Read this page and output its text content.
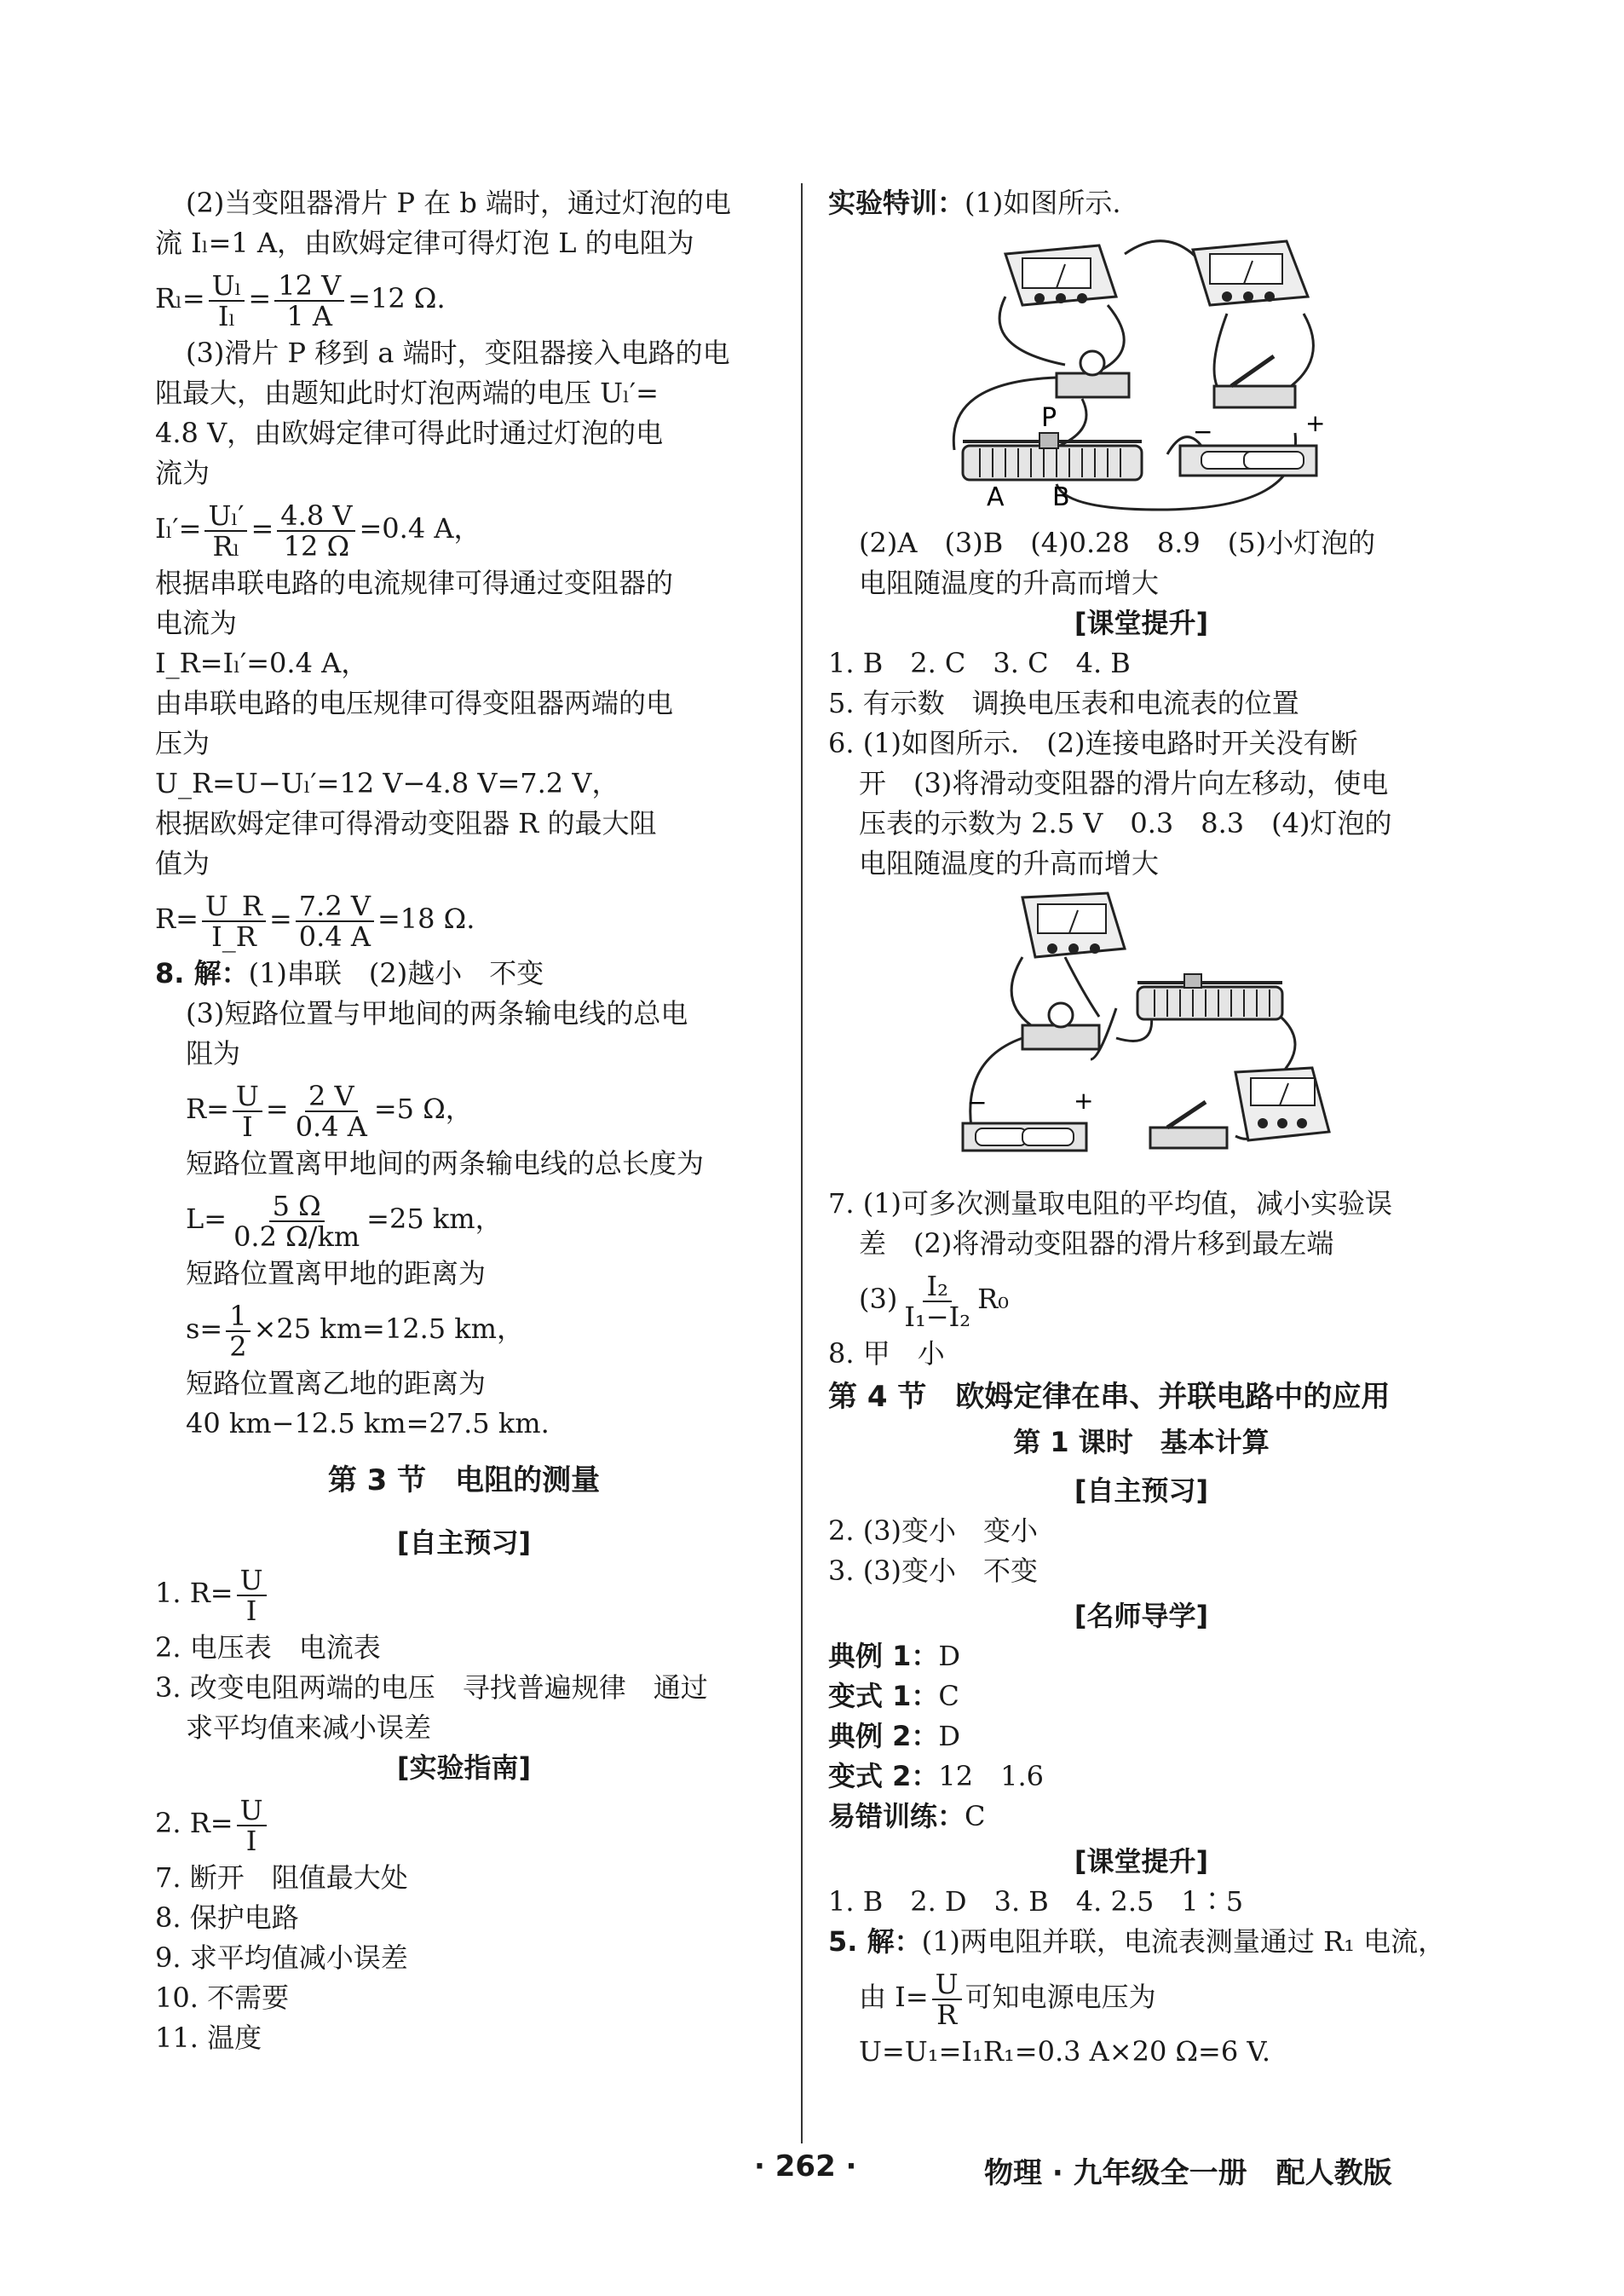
(2)当变阻器滑片 P 在 b 端时，通过灯泡的电
流 Iₗ=1 A，由欧姆定律可得灯泡 L 的电阻为
$R_l= \frac{\text{Uₗ}}{\text{Iₗ}} = \frac{12 V}{1 A} =12$ Ω.
(3)滑片 P 移到 a 端时，变阻器接入电路的电
阻最大，由题知此时灯泡两端的电压 Uₗ′=
4.8 V，由欧姆定律可得此时通过灯泡的电
流为
$I_l'= \frac{\text{Uₗ′}}{\text{Rₗ}} = \frac{4.8 V}{12 \Omega} =0.4$ A，
根据串联电路的电流规律可得通过变阻器的
电流为
I_R=Iₗ′=0.4 A，
由串联电路的电压规律可得变阻器两端的电
压为
U_R=U−Uₗ′=12 V−4.8 V=7.2 V，
根据欧姆定律可得滑动变阻器 R 的最大阻
值为
$R= \frac{U\_R}{I\_R} = \frac{7.2 V}{0.4 A} =18$ Ω.
8. 解：(1)串联　(2)越小　不变
(3)短路位置与甲地间的两条输电线的总电
阻为
$R= \frac{U}{I} = \frac{2 V}{0.4 A} =5$ Ω，
短路位置离甲地间的两条输电线的总长度为
$L= \frac{5 \Omega}{0.2 \Omega/km} =25$ km，
短路位置离甲地的距离为
$s= \frac{1}{2} \times 25$ km=12.5 km，
短路位置离乙地的距离为
40 km−12.5 km=27.5 km.
第 3 节　电阻的测量
[自主预习]
1. $R= \frac{U}{I}$
2. 电压表　电流表
3. 改变电阻两端的电压　寻找普遍规律　通过
求平均值来减小误差
[实验指南]
2. $R= \frac{U}{I}$
7. 断开　阻值最大处
8. 保护电路
9. 求平均值减小误差
10. 不需要
11. 温度
实验特训：(1)如图所示.
P
A B
−	+
(2)A　(3)B　(4)0.28　8.9　(5)小灯泡的
电阻随温度的升高而增大
[课堂提升]
1. B　2. C　3. C　4. B
5. 有示数　调换电压表和电流表的位置
6. (1)如图所示.　(2)连接电路时开关没有断
开　(3)将滑动变阻器的滑片向左移动，使电
压表的示数为 2.5 V　0.3　8.3　(4)灯泡的
电阻随温度的升高而增大
−	+
7. (1)可多次测量取电阻的平均值，减小实验误
差　(2)将滑动变阻器的滑片移到最左端
$(3) \frac{\text{I₂}}{\text{I₁−I₂}} R_0$
8. 甲　小
第 4 节　欧姆定律在串、并联电路中的应用
第 1 课时　基本计算
[自主预习]
2. (3)变小　变小
3. (3)变小　不变
[名师导学]
典例 1：D
变式 1：C
典例 2：D
变式 2：12　1.6
易错训练：C
[课堂提升]
1. B　2. D　3. B　4. 2.5　1∶5
5. 解：(1)两电阻并联，电流表测量通过 R₁ 电流，
由 $I= \frac{U}{R}$ 可知电源电压为
U=U₁=I₁R₁=0.3 A×20 Ω=6 V.
· 262 ·	物理 · 九年级全一册　配人教版
